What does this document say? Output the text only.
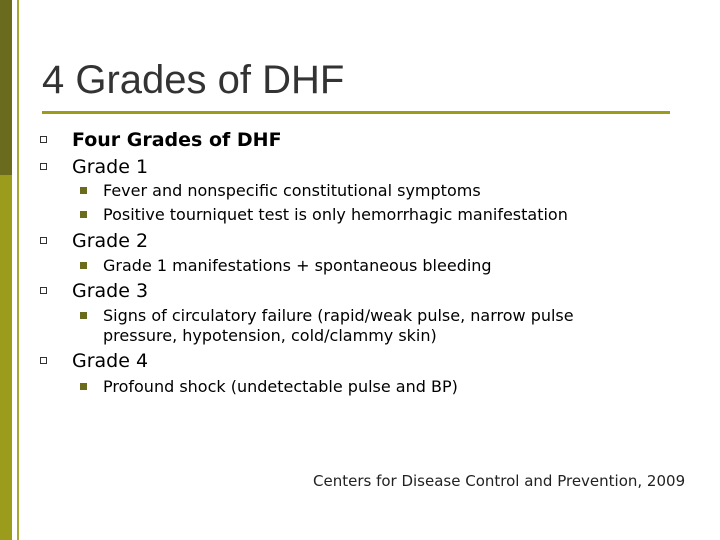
4 Grades of DHF
Four Grades of DHF
Grade 1
Fever and nonspecific constitutional symptoms
Positive tourniquet test is only hemorrhagic manifestation
Grade 2
Grade 1 manifestations + spontaneous bleeding
Grade 3
Signs of circulatory failure (rapid/weak pulse, narrow pulse
pressure, hypotension, cold/clammy skin)
Grade 4
Profound shock (undetectable pulse and BP)
Centers for Disease Control and Prevention, 2009
